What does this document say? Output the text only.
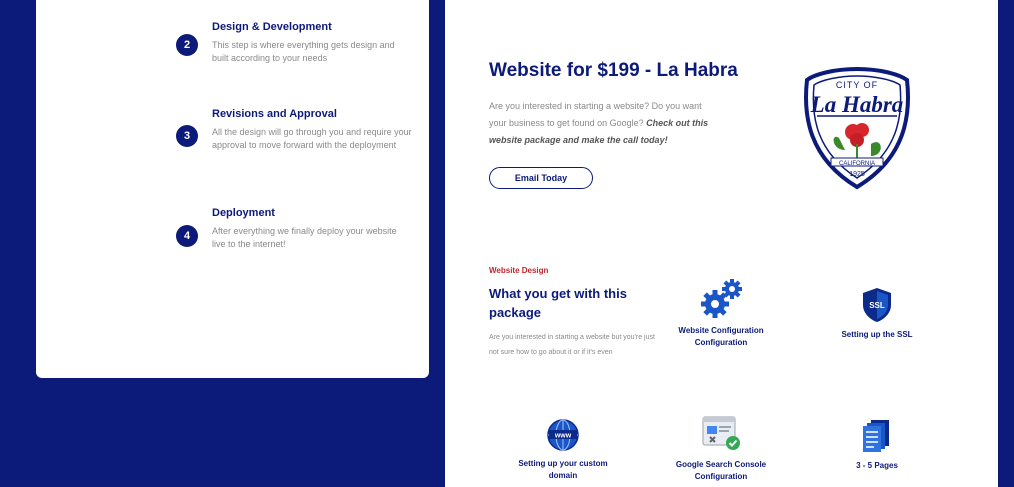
2

Design & Development

This step is where everything gets design and built according to your needs

3

Revisions and Approval

All the design will go through you and require your approval to move forward with the deployment

4

Deployment

After everything we finally deploy your website live to the internet!

Website for $199 - La Habra

Are you interested in starting a website? Do you want your business to get found on Google? Check out this website package and make the call today!

Email Today
CITY OF
La Habra
CALIFORNIA
1925

Website Design

What you get with this package

Are you interested in starting a website but you're just not sure how to go about it or if it's even

Website Configuration Configuration
SSL
Setting up the SSL
www
Setting up your custom domain
Google Search Console Configuration
3 - 5 Pages
